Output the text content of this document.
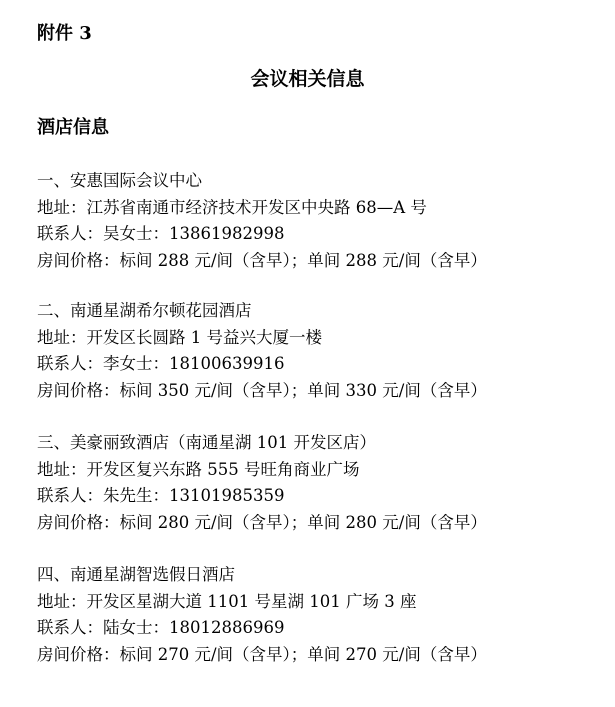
附件 3
会议相关信息
酒店信息
一、安惠国际会议中心
地址：江苏省南通市经济技术开发区中央路 68—A 号
联系人：吴女士：13861982998
房间价格：标间 288 元/间（含早）；单间 288 元/间（含早）
二、南通星湖希尔顿花园酒店
地址：开发区长圆路 1 号益兴大厦一楼
联系人：李女士：18100639916
房间价格：标间 350 元/间（含早）；单间 330 元/间（含早）
三、美豪丽致酒店（南通星湖 101 开发区店）
地址：开发区复兴东路 555 号旺角商业广场
联系人：朱先生：13101985359
房间价格：标间 280 元/间（含早）；单间 280 元/间（含早）
四、南通星湖智选假日酒店
地址：开发区星湖大道 1101 号星湖 101 广场 3 座
联系人：陆女士：18012886969
房间价格：标间 270 元/间（含早）；单间 270 元/间（含早）
